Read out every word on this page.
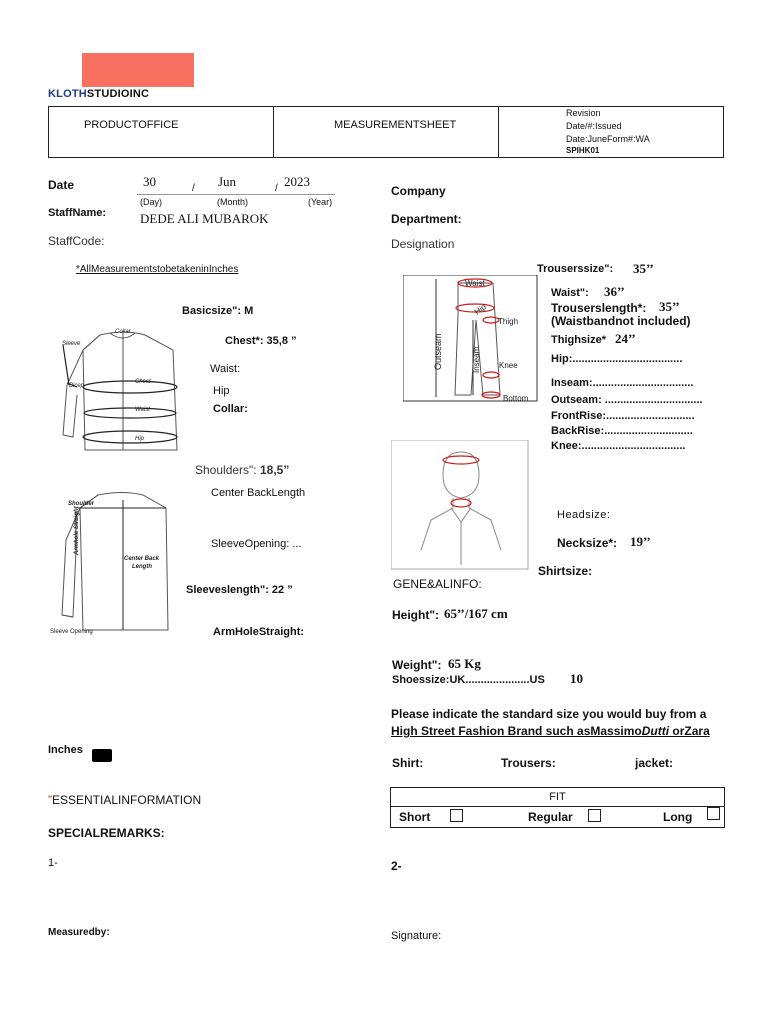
KLOTHSTUDIOINC
PRODUCTOFFICE	MEASUREMENTSHEET
Revision
Date/#:Issued
Date:JuneForm#:WA
SPIHK01
Date	30	/ Jun	/ 2023
(Day)	(Month)	(Year)
StaffName:	DEDE ALI MUBAROK
StaffCode:
*AllMeasurementstobetakeninInches
Basicsize": M
Chest*: 35,8 ”
Waist:
Hip
Collar:
Collar
Sleeve
Bicep
Chest
Waist
Hip
Shoulders": 18,5”
Center BackLength
SleeveOpening: ...
Sleeveslength": 22 ”
ArmHoleStraight:
Shoulder
Armhole Straight
Center Back
Length
Sleeve Opening
Inches
”ESSENTIALINFORMATION
SPECIALREMARKS:
1-
Measuredby:
Company
Department:
Designation
Trouserssize": 35’’
Waist
Hip
Thigh
Outseam	Inseam Knee
Bottom
Waist": 36’’
Trouserslength*: 35’’
(Waistbandnot included)
Thighsize* 24’’
Hip:....................................
Inseam:.................................
Outseam: ................................
FrontRise:.............................
BackRise:.............................
Knee:..................................
Headsize:
Necksize*: 19’’
Shirtsize:
GENE&ALINFO:
Height": 65’’/167 cm
Weight": 65 Kg
Shoessize:UK.....................US 10
Please indicate the standard size you would buy from a
High Street Fashion Brand such asMassimoDutti orZara
Shirt:	Trousers:	jacket:
FIT
Short	Regular	Long
2-
Signature:
